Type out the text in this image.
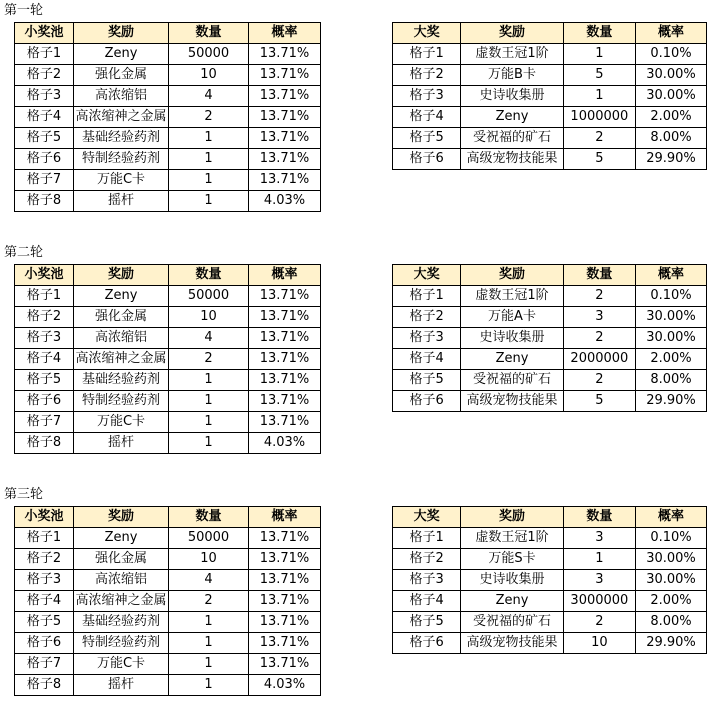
第一轮
小奖池	奖励	数量	概率
格子1	Zeny	50000	13.71%
格子2	强化金属	10	13.71%
格子3	高浓缩铝	4	13.71%
格子4	高浓缩神之金属	2	13.71%
格子5	基础经验药剂	1	13.71%
格子6	特制经验药剂	1	13.71%
格子7	万能C卡	1	13.71%
格子8	摇杆	1	4.03%
大奖	奖励	数量	概率
格子1	虚数王冠1阶	1	0.10%
格子2	万能B卡	5	30.00%
格子3	史诗收集册	1	30.00%
格子4	Zeny	1000000	2.00%
格子5	受祝福的矿石	2	8.00%
格子6	高级宠物技能果	5	29.90%
第二轮
小奖池	奖励	数量	概率
格子1	Zeny	50000	13.71%
格子2	强化金属	10	13.71%
格子3	高浓缩铝	4	13.71%
格子4	高浓缩神之金属	2	13.71%
格子5	基础经验药剂	1	13.71%
格子6	特制经验药剂	1	13.71%
格子7	万能C卡	1	13.71%
格子8	摇杆	1	4.03%
大奖	奖励	数量	概率
格子1	虚数王冠1阶	2	0.10%
格子2	万能A卡	3	30.00%
格子3	史诗收集册	2	30.00%
格子4	Zeny	2000000	2.00%
格子5	受祝福的矿石	2	8.00%
格子6	高级宠物技能果	5	29.90%
第三轮
小奖池	奖励	数量	概率
格子1	Zeny	50000	13.71%
格子2	强化金属	10	13.71%
格子3	高浓缩铝	4	13.71%
格子4	高浓缩神之金属	2	13.71%
格子5	基础经验药剂	1	13.71%
格子6	特制经验药剂	1	13.71%
格子7	万能C卡	1	13.71%
格子8	摇杆	1	4.03%
大奖	奖励	数量	概率
格子1	虚数王冠1阶	3	0.10%
格子2	万能S卡	1	30.00%
格子3	史诗收集册	3	30.00%
格子4	Zeny	3000000	2.00%
格子5	受祝福的矿石	2	8.00%
格子6	高级宠物技能果	10	29.90%
